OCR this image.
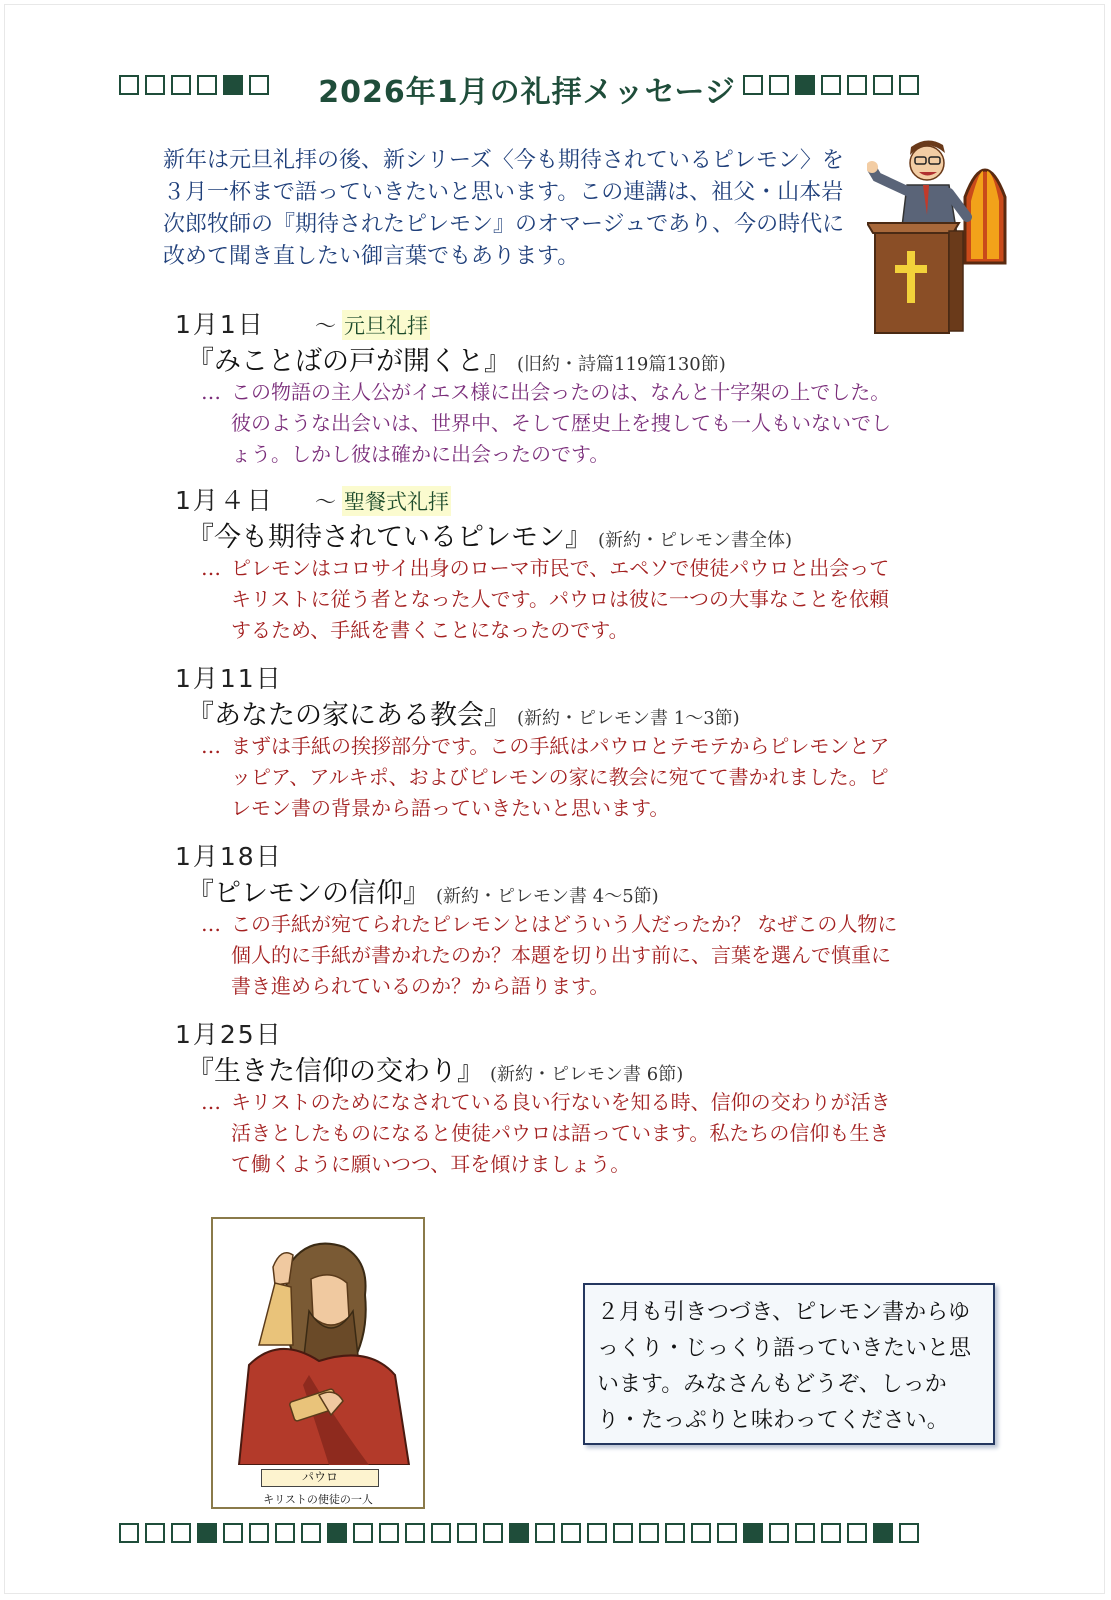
2026年1月の礼拝メッセージ
新年は元旦礼拝の後、新シリーズ〈今も期待されているピレモン〉を３月一杯まで語っていきたいと思います。この連講は、祖父・山本岩次郎牧師の『期待されたピレモン』のオマージュであり、今の時代に改めて聞き直したい御言葉でもあります。
1月1日	〜 元旦礼拝
『みことばの戸が開くと』 (旧約・詩篇119篇130節)
… この物語の主人公がイエス様に出会ったのは、なんと十字架の上でした。彼のような出会いは、世界中、そして歴史上を捜しても一人もいないでしょう。しかし彼は確かに出会ったのです。
1月４日	〜 聖餐式礼拝
『今も期待されているピレモン』 (新約・ピレモン書全体)
… ピレモンはコロサイ出身のローマ市民で、エペソで使徒パウロと出会ってキリストに従う者となった人です。パウロは彼に一つの大事なことを依頼するため、手紙を書くことになったのです。
1月11日
『あなたの家にある教会』 (新約・ピレモン書 1〜3節)
… まずは手紙の挨拶部分です。この手紙はパウロとテモテからピレモンとアッピア、アルキポ、およびピレモンの家に教会に宛てて書かれました。ピレモン書の背景から語っていきたいと思います。
1月18日
『ピレモンの信仰』 (新約・ピレモン書 4〜5節)
… この手紙が宛てられたピレモンとはどういう人だったか？ なぜこの人物に個人的に手紙が書かれたのか？本題を切り出す前に、言葉を選んで慎重に書き進められているのか？から語ります。
1月25日
『生きた信仰の交わり』 (新約・ピレモン書 6節)
… キリストのためになされている良い行ないを知る時、信仰の交わりが活き活きとしたものになると使徒パウロは語っています。私たちの信仰も生きて働くように願いつつ、耳を傾けましょう。
パウロ
キリストの使徒の一人
２月も引きつづき、ピレモン書からゆっくり・じっくり語っていきたいと思います。みなさんもどうぞ、しっかり・たっぷりと味わってください。
